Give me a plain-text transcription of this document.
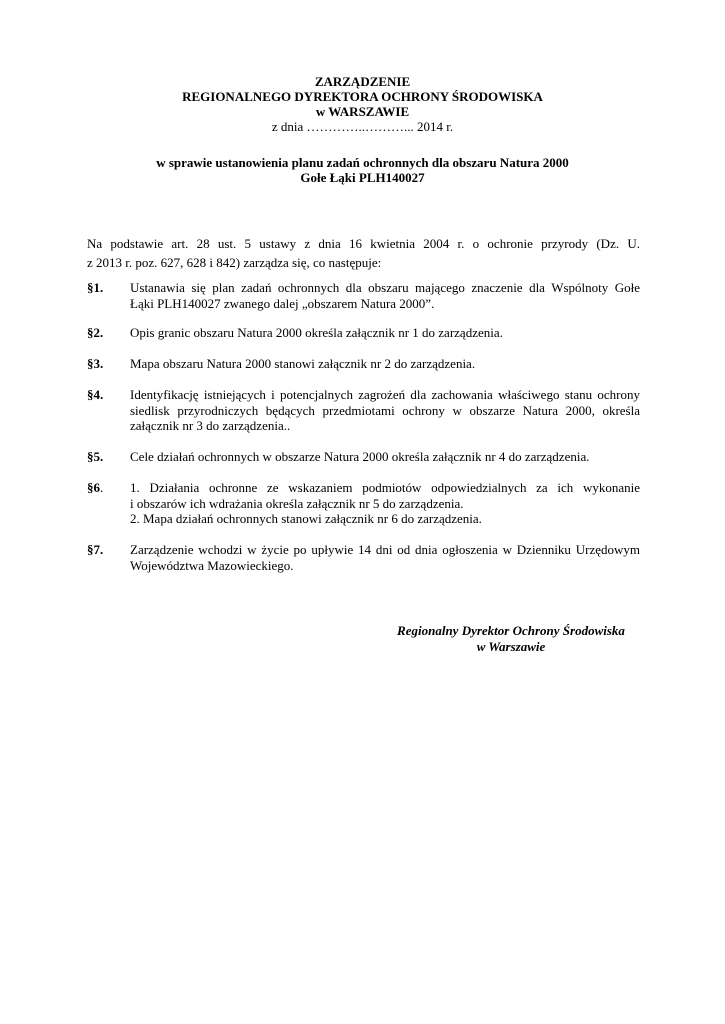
ZARZĄDZENIE
REGIONALNEGO DYREKTORA OCHRONY ŚRODOWISKA
w WARSZAWIE
z dnia …………..………... 2014 r.
w sprawie ustanowienia planu zadań ochronnych dla obszaru Natura 2000
Gołe Łąki PLH140027
Na podstawie art. 28 ust. 5 ustawy z dnia 16 kwietnia 2004 r. o ochronie przyrody (Dz. U.
z 2013 r. poz. 627, 628 i 842) zarządza się, co następuje:
§1.	Ustanawia się plan zadań ochronnych dla obszaru mającego znaczenie dla Wspólnoty Gołe
Łąki PLH140027 zwanego dalej „obszarem Natura 2000”.
§2.	Opis granic obszaru Natura 2000 określa załącznik nr 1 do zarządzenia.
§3.	Mapa obszaru Natura 2000 stanowi załącznik nr 2 do zarządzenia.
§4.	Identyfikację istniejących i potencjalnych zagrożeń dla zachowania właściwego stanu ochrony
siedlisk przyrodniczych będących przedmiotami ochrony w obszarze Natura 2000, określa
załącznik nr 3 do zarządzenia..
§5.	Cele działań ochronnych w obszarze Natura 2000 określa załącznik nr 4 do zarządzenia.
§6.	1. Działania ochronne ze wskazaniem podmiotów odpowiedzialnych za ich wykonanie
i obszarów ich wdrażania określa załącznik nr 5 do zarządzenia.
2. Mapa działań ochronnych stanowi załącznik nr 6 do zarządzenia.
§7.	Zarządzenie wchodzi w życie po upływie 14 dni od dnia ogłoszenia w Dzienniku Urzędowym
Województwa Mazowieckiego.
Regionalny Dyrektor Ochrony Środowiska
w Warszawie
